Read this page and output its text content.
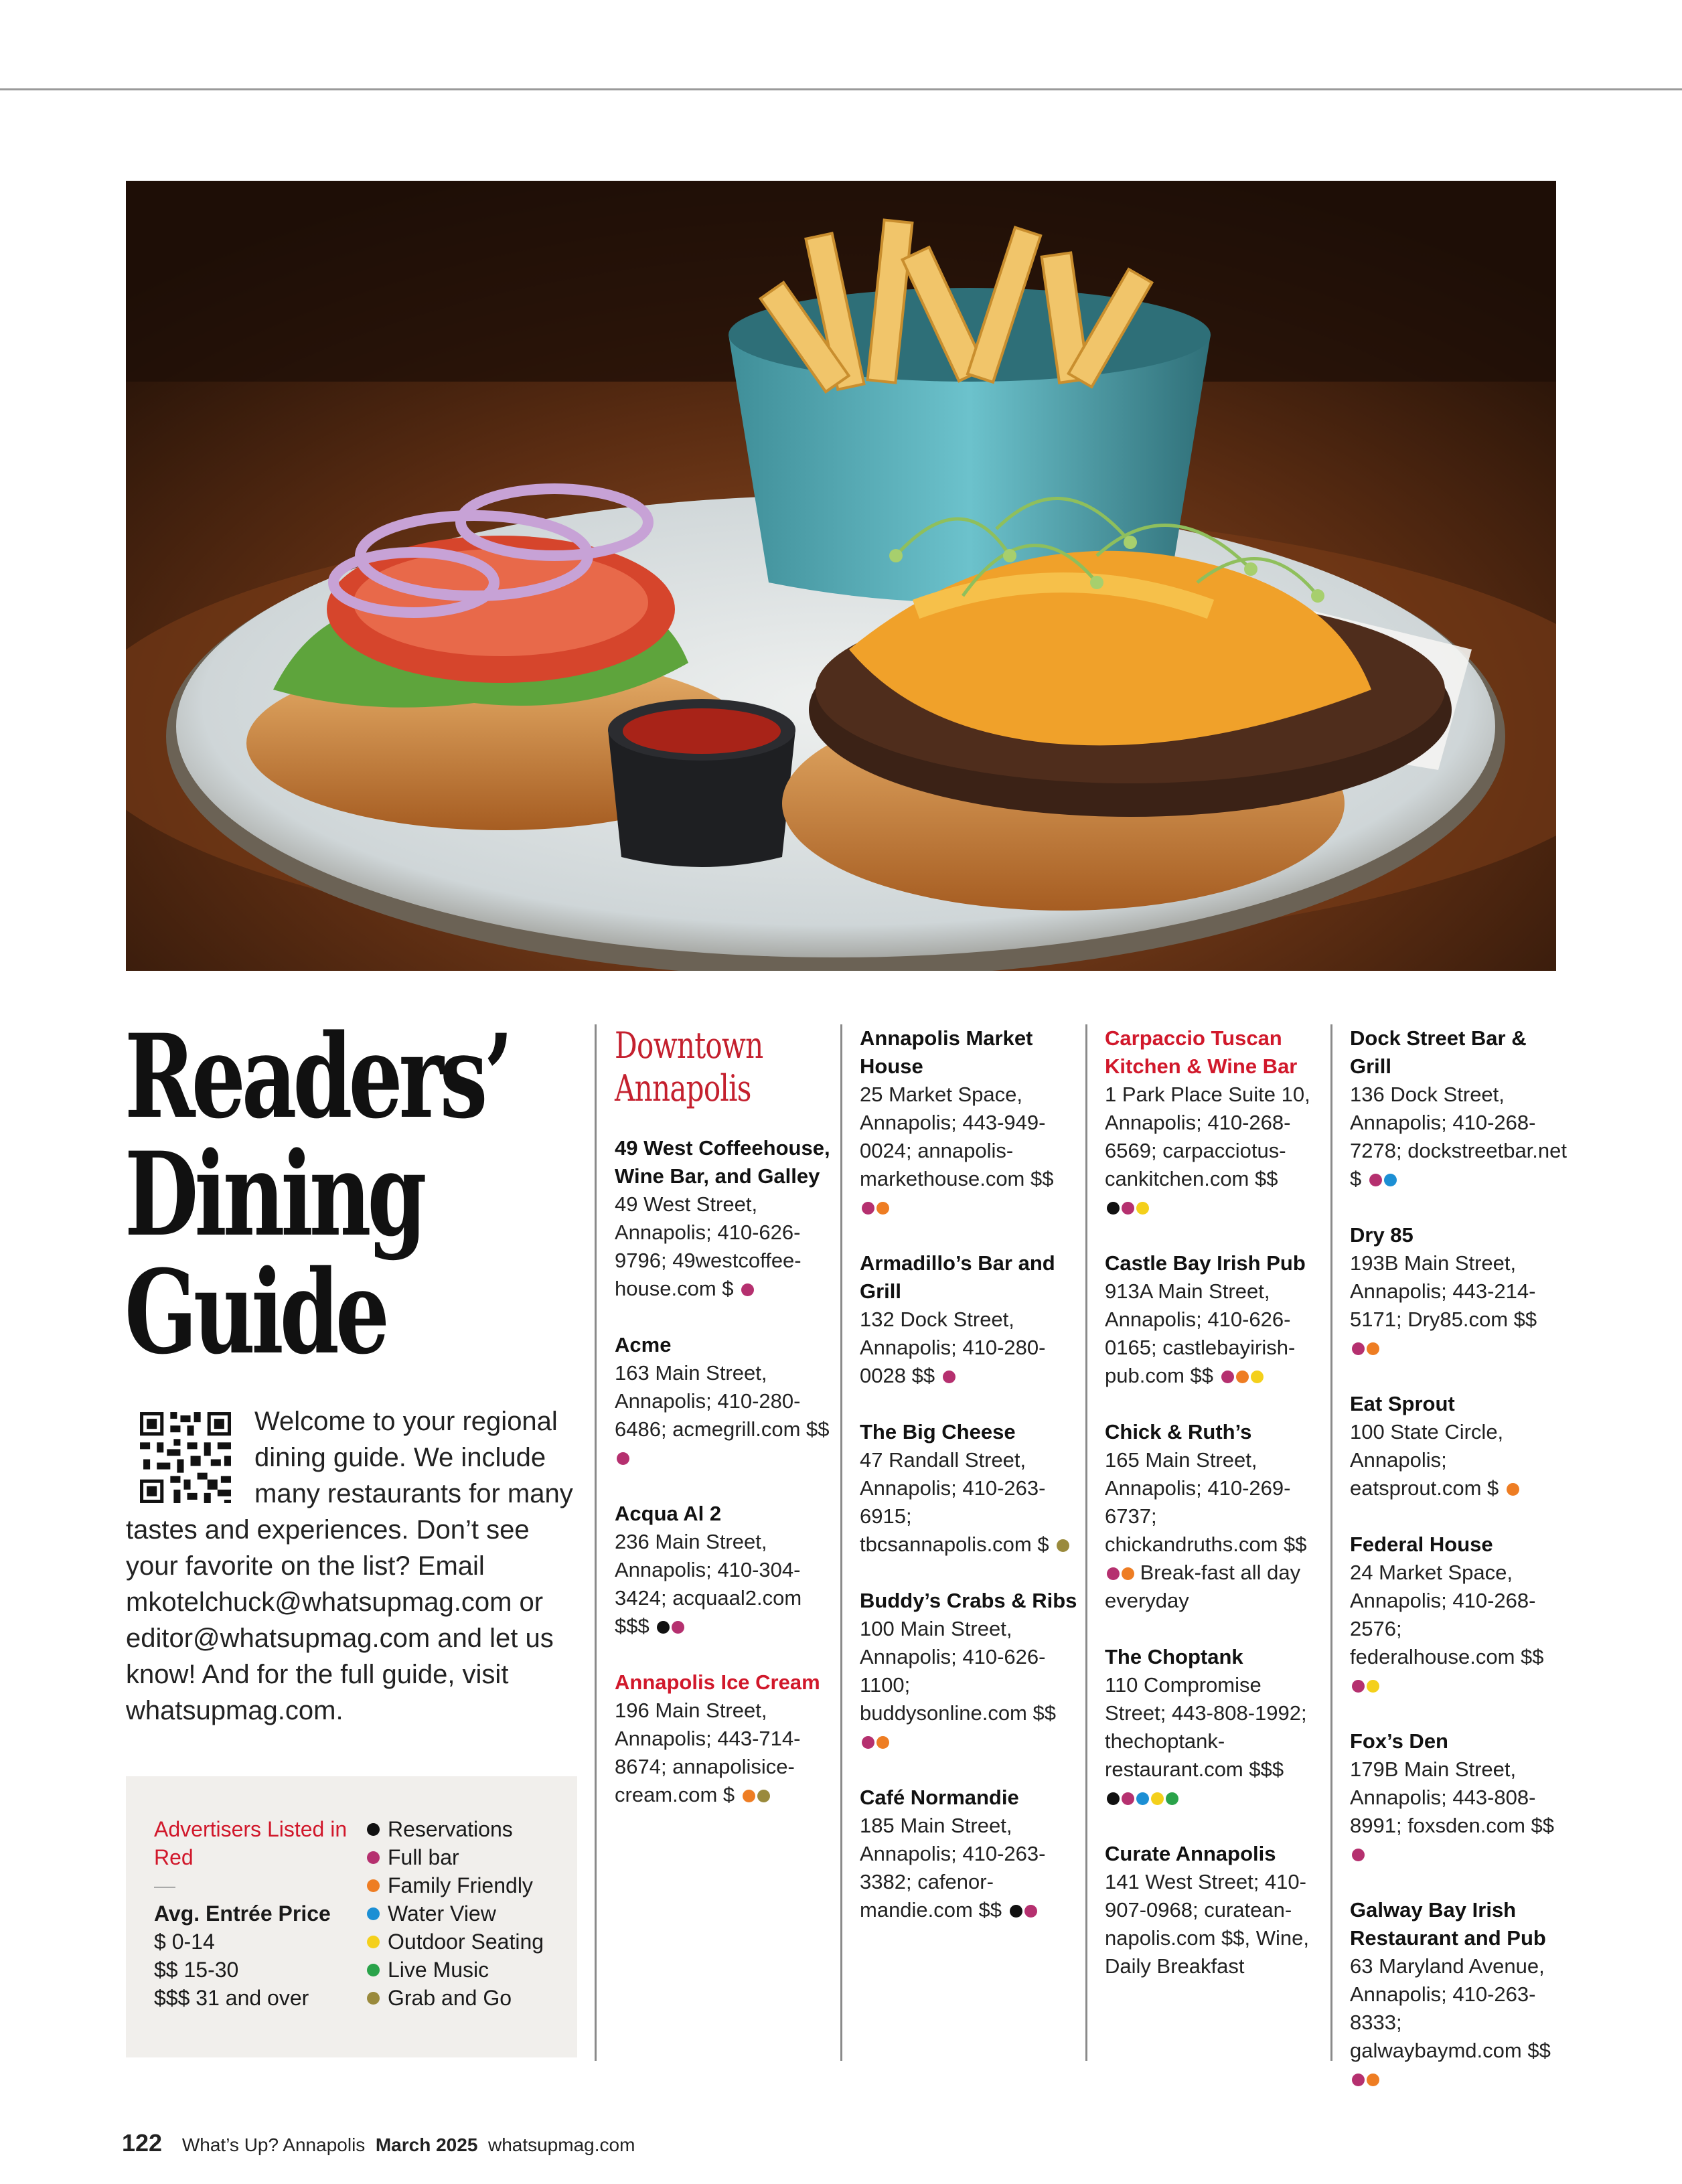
Readers’
Dining
Guide
Welcome to your regional dining guide. We include many restaurants for many tastes and experiences. Don’t see your favorite on the list? Email mkotelchuck@whatsupmag.com or editor@whatsupmag.com and let us know! And for the full guide, visit whatsupmag.com.
Advertisers Listed in Red
—
Avg. Entrée Price
$ 0-14
$$ 15-30
$$$ 31 and over
Reservations
Full bar
Family Friendly
Water View
Outdoor Seating
Live Music
Grab and Go
Downtown
Annapolis
49 West Coffeehouse, Wine Bar, and Galley
49 West Street, Annapolis; 410-626-9796; 49westcoffee-house.com $
Acme
163 Main Street, Annapolis; 410-280-6486; acmegrill.com $$
Acqua Al 2
236 Main Street, Annapolis; 410-304-3424; acquaal2.com $$$
Annapolis Ice Cream
196 Main Street, Annapolis; 443-714-8674; annapolisice-cream.com $
Annapolis Market House
25 Market Space, Annapolis; 443-949-0024; annapolis-markethouse.com $$
Armadillo’s Bar and Grill
132 Dock Street, Annapolis; 410-280-0028 $$
The Big Cheese
47 Randall Street, Annapolis; 410-263-6915; tbcsannapolis.com $
Buddy’s Crabs & Ribs
100 Main Street, Annapolis; 410-626-1100; buddysonline.com $$
Café Normandie
185 Main Street, Annapolis; 410-263-3382; cafenor-mandie.com $$
Carpaccio Tuscan Kitchen & Wine Bar
1 Park Place Suite 10, Annapolis; 410-268-6569; carpacciotus-cankitchen.com $$
Castle Bay Irish Pub
913A Main Street, Annapolis; 410-626-0165; castlebayirish-pub.com $$
Chick & Ruth’s
165 Main Street, Annapolis; 410-269-6737; chickandruths.com $$  Break-fast all day everyday
The Choptank
110 Compromise Street; 443-808-1992; thechoptank-restaurant.com $$$
Curate Annapolis
141 West Street; 410-907-0968; curatean-napolis.com $$, Wine, Daily Breakfast
Dock Street Bar & Grill
136 Dock Street, Annapolis; 410-268-7278; dockstreetbar.net $
Dry 85
193B Main Street, Annapolis; 443-214-5171; Dry85.com $$
Eat Sprout
100 State Circle, Annapolis; eatsprout.com $
Federal House
24 Market Space, Annapolis; 410-268-2576; federalhouse.com $$
Fox’s Den
179B Main Street, Annapolis; 443-808-8991; foxsden.com $$
Galway Bay Irish Restaurant and Pub
63 Maryland Avenue, Annapolis; 410-263-8333; galwaybaymd.com $$
122 What’s Up? Annapolis March 2025 whatsupmag.com
